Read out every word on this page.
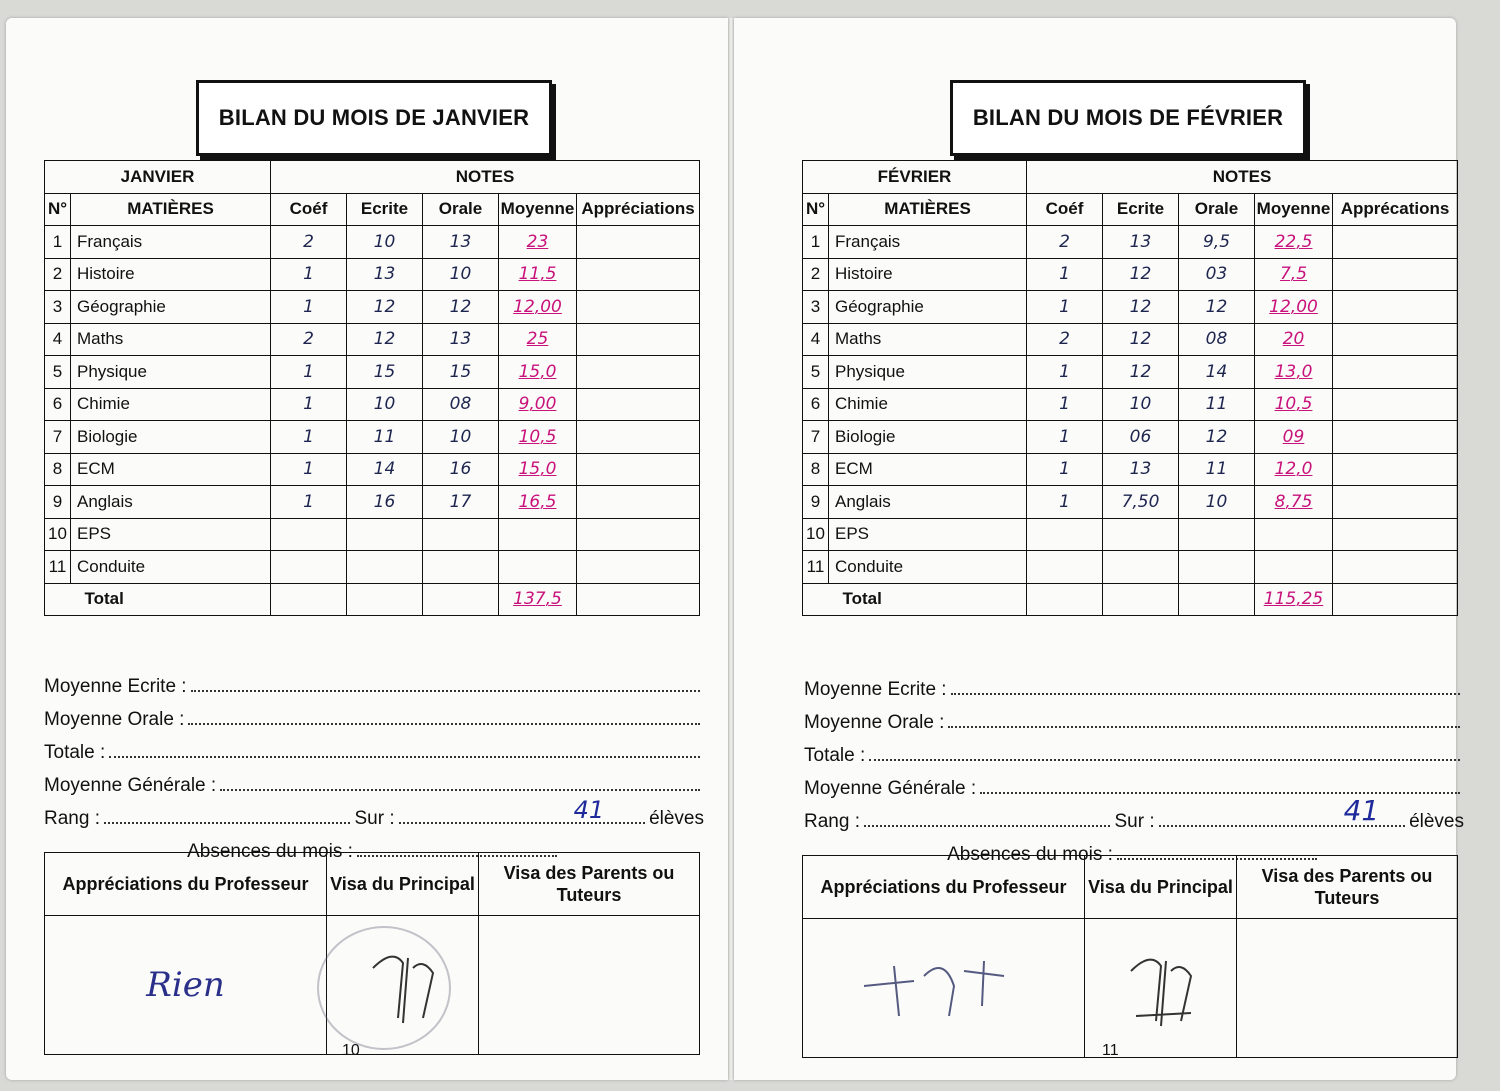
BILAN DU MOIS DE JANVIER
JANVIER		NOTES				
N°	MATIÈRES	Coéf	Ecrite	Orale	Moyenne	Appréciations
1	Français	2	10	13	23	
2	Histoire	1	13	10	11,5	
3	Géographie	1	12	12	12,00	
4	Maths	2	12	13	25	
5	Physique	1	15	15	15,0	
6	Chimie	1	10	08	9,00	
7	Biologie	1	11	10	10,5	
8	ECM	1	14	16	15,0	
9	Anglais	1	16	17	16,5	
10	EPS					
11	Conduite					
	Total				137,5	
Moyenne Ecrite :
Moyenne Orale :
Totale :
Moyenne Générale :
Rang :	Sur :	41 élèves
Absences du mois :
Appréciations du Professeur	Visa du Principal	Visa des Parents ou Tuteurs
Rien	

10
BILAN DU MOIS DE FÉVRIER
FÉVRIER		NOTES				
N°	MATIÈRES	Coéf	Ecrite	Orale	Moyenne	Apprécations
1	Français	2	13	9,5	22,5	
2	Histoire	1	12	03	7,5	
3	Géographie	1	12	12	12,00	
4	Maths	2	12	08	20	
5	Physique	1	12	14	13,0	
6	Chimie	1	10	11	10,5	
7	Biologie	1	06	12	09	
8	ECM	1	13	11	12,0	
9	Anglais	1	7,50	10	8,75	
10	EPS					
11	Conduite					
	Total				115,25	
Moyenne Ecrite :
Moyenne Orale :
Totale :
Moyenne Générale :
Rang :	Sur :	41 élèves
Absences du mois :
Appréciations du Professeur	Visa du Principal	Visa des Parents ou Tuteurs

11
